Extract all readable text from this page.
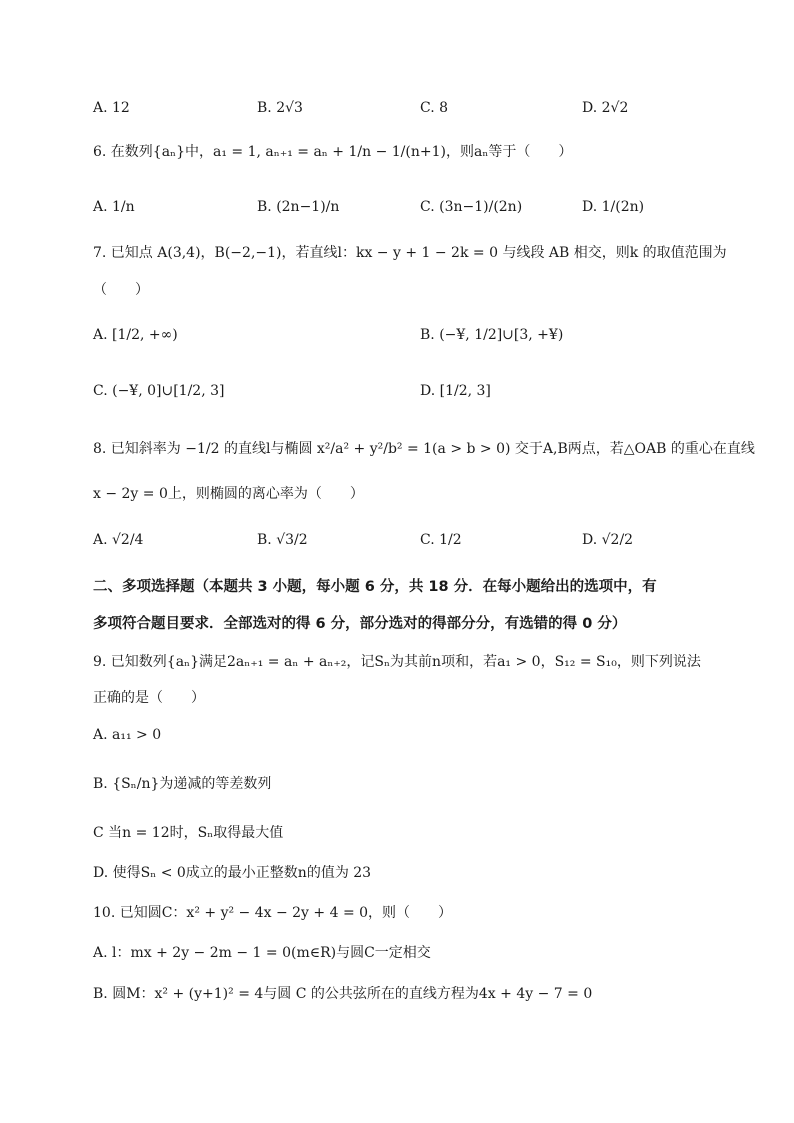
A. 12	B. 2√3	C. 8	D. 2√2
6. 在数列{aₙ}中，a₁ = 1, aₙ₊₁ = aₙ + 1/n − 1/(n+1)，则aₙ等于（　　）
A. 1/n	B. (2n−1)/n	C. (3n−1)/(2n)	D. 1/(2n)
7. 已知点 A(3,4)，B(−2,−1)，若直线l：kx − y + 1 − 2k = 0 与线段 AB 相交，则k 的取值范围为
（　　）
A. [1/2, +∞)	B. (−¥, 1/2]∪[3, +¥)
C. (−¥, 0]∪[1/2, 3]	D. [1/2, 3]
8. 已知斜率为 −1/2 的直线l与椭圆 x²/a² + y²/b² = 1(a > b > 0) 交于A,B两点，若△OAB 的重心在直线
x − 2y = 0上，则椭圆的离心率为（　　）
A. √2/4	B. √3/2	C. 1/2	D. √2/2
二、多项选择题（本题共 3 小题，每小题 6 分，共 18 分．在每小题给出的选项中，有
多项符合题目要求．全部选对的得 6 分，部分选对的得部分分，有选错的得 0 分）
9. 已知数列{aₙ}满足2aₙ₊₁ = aₙ + aₙ₊₂，记Sₙ为其前n项和，若a₁ > 0，S₁₂ = S₁₀，则下列说法
正确的是（　　）
A. a₁₁ > 0
B. {Sₙ/n}为递减的等差数列
C 当n = 12时，Sₙ取得最大值
D. 使得Sₙ < 0成立的最小正整数n的值为 23
10. 已知圆C：x² + y² − 4x − 2y + 4 = 0，则（　　）
A. l：mx + 2y − 2m − 1 = 0(m∈R)与圆C一定相交
B. 圆M：x² + (y+1)² = 4与圆 C 的公共弦所在的直线方程为4x + 4y − 7 = 0
